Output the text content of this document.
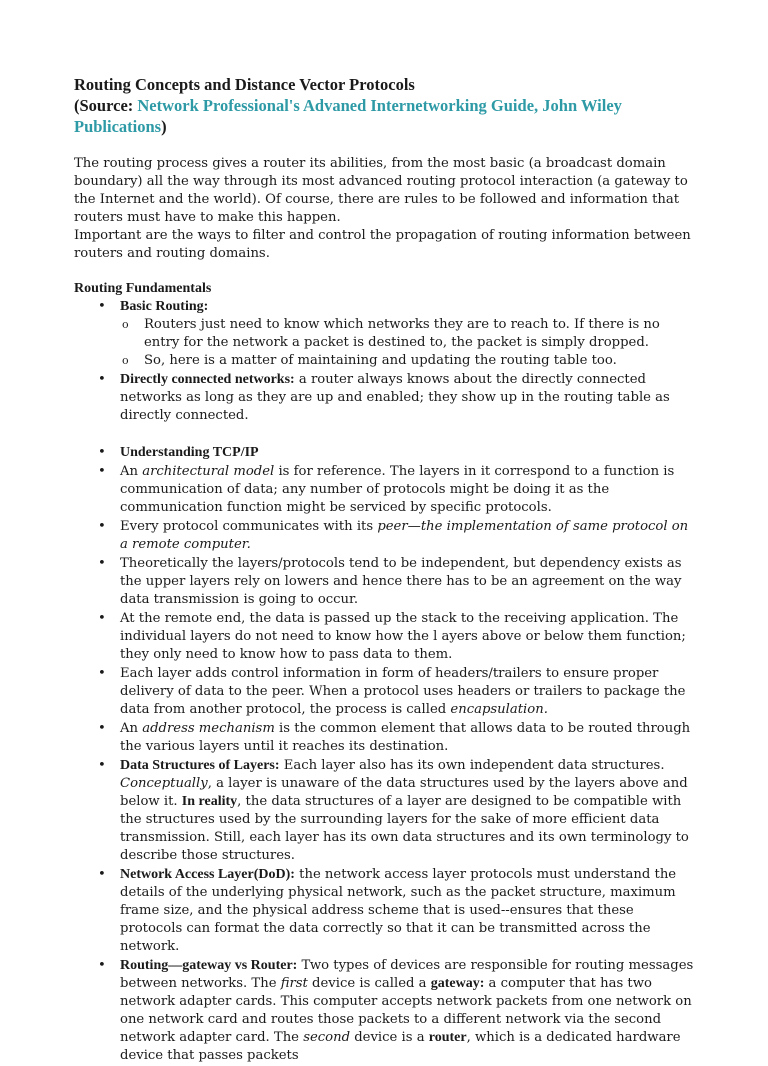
Routing Concepts and Distance Vector Protocols

(Source: Network Professional's Advaned Internetworking Guide, John Wiley Publications)

The routing process gives a router its abilities, from the most basic (a broadcast domain boundary) all the way through its most advanced routing protocol interaction (a gateway to the Internet and the world). Of course, there are rules to be followed and information that routers must have to make this happen.

Important are the ways to filter and control the propagation of routing information between routers and routing domains.

Routing Fundamentals

• Basic Routing:
o Routers just need to know which networks they are to reach to. If there is no entry for the network a packet is destined to, the packet is simply dropped.
o So, here is a matter of maintaining and updating the routing table too.
• Directly connected networks: a router always knows about the directly connected networks as long as they are up and enabled; they show up in the routing table as directly connected.
• Understanding TCP/IP
• An architectural model is for reference. The layers in it correspond to a function is communication of data; any number of protocols might be doing it as the communication function might be serviced by specific protocols.
• Every protocol communicates with its peer—the implementation of same protocol on a remote computer.
• Theoretically the layers/protocols tend to be independent, but dependency exists as the upper layers rely on lowers and hence there has to be an agreement on the way data transmission is going to occur.
• At the remote end, the data is passed up the stack to the receiving application. The individual layers do not need to know how the l ayers above or below them function; they only need to know how to pass data to them.
• Each layer adds control information in form of headers/trailers to ensure proper delivery of data to the peer. When a protocol uses headers or trailers to package the data from another protocol, the process is called encapsulation.
• An address mechanism is the common element that allows data to be routed through the various layers until it reaches its destination.
• Data Structures of Layers: Each layer also has its own independent data structures. Conceptually, a layer is unaware of the data structures used by the layers above and below it. In reality, the data structures of a layer are designed to be compatible with the structures used by the surrounding layers for the sake of more efficient data transmission. Still, each layer has its own data structures and its own terminology to describe those structures.
• Network Access Layer(DoD): the network access layer protocols must understand the details of the underlying physical network, such as the packet structure, maximum frame size, and the physical address scheme that is used--ensures that these protocols can format the data correctly so that it can be transmitted across the network.
• Routing—gateway vs Router: Two types of devices are responsible for routing messages between networks. The first device is called a gateway: a computer that has two network adapter cards. This computer accepts network packets from one network on one network card and routes those packets to a different network via the second network adapter card. The second device is a router, which is a dedicated hardware device that passes packets
